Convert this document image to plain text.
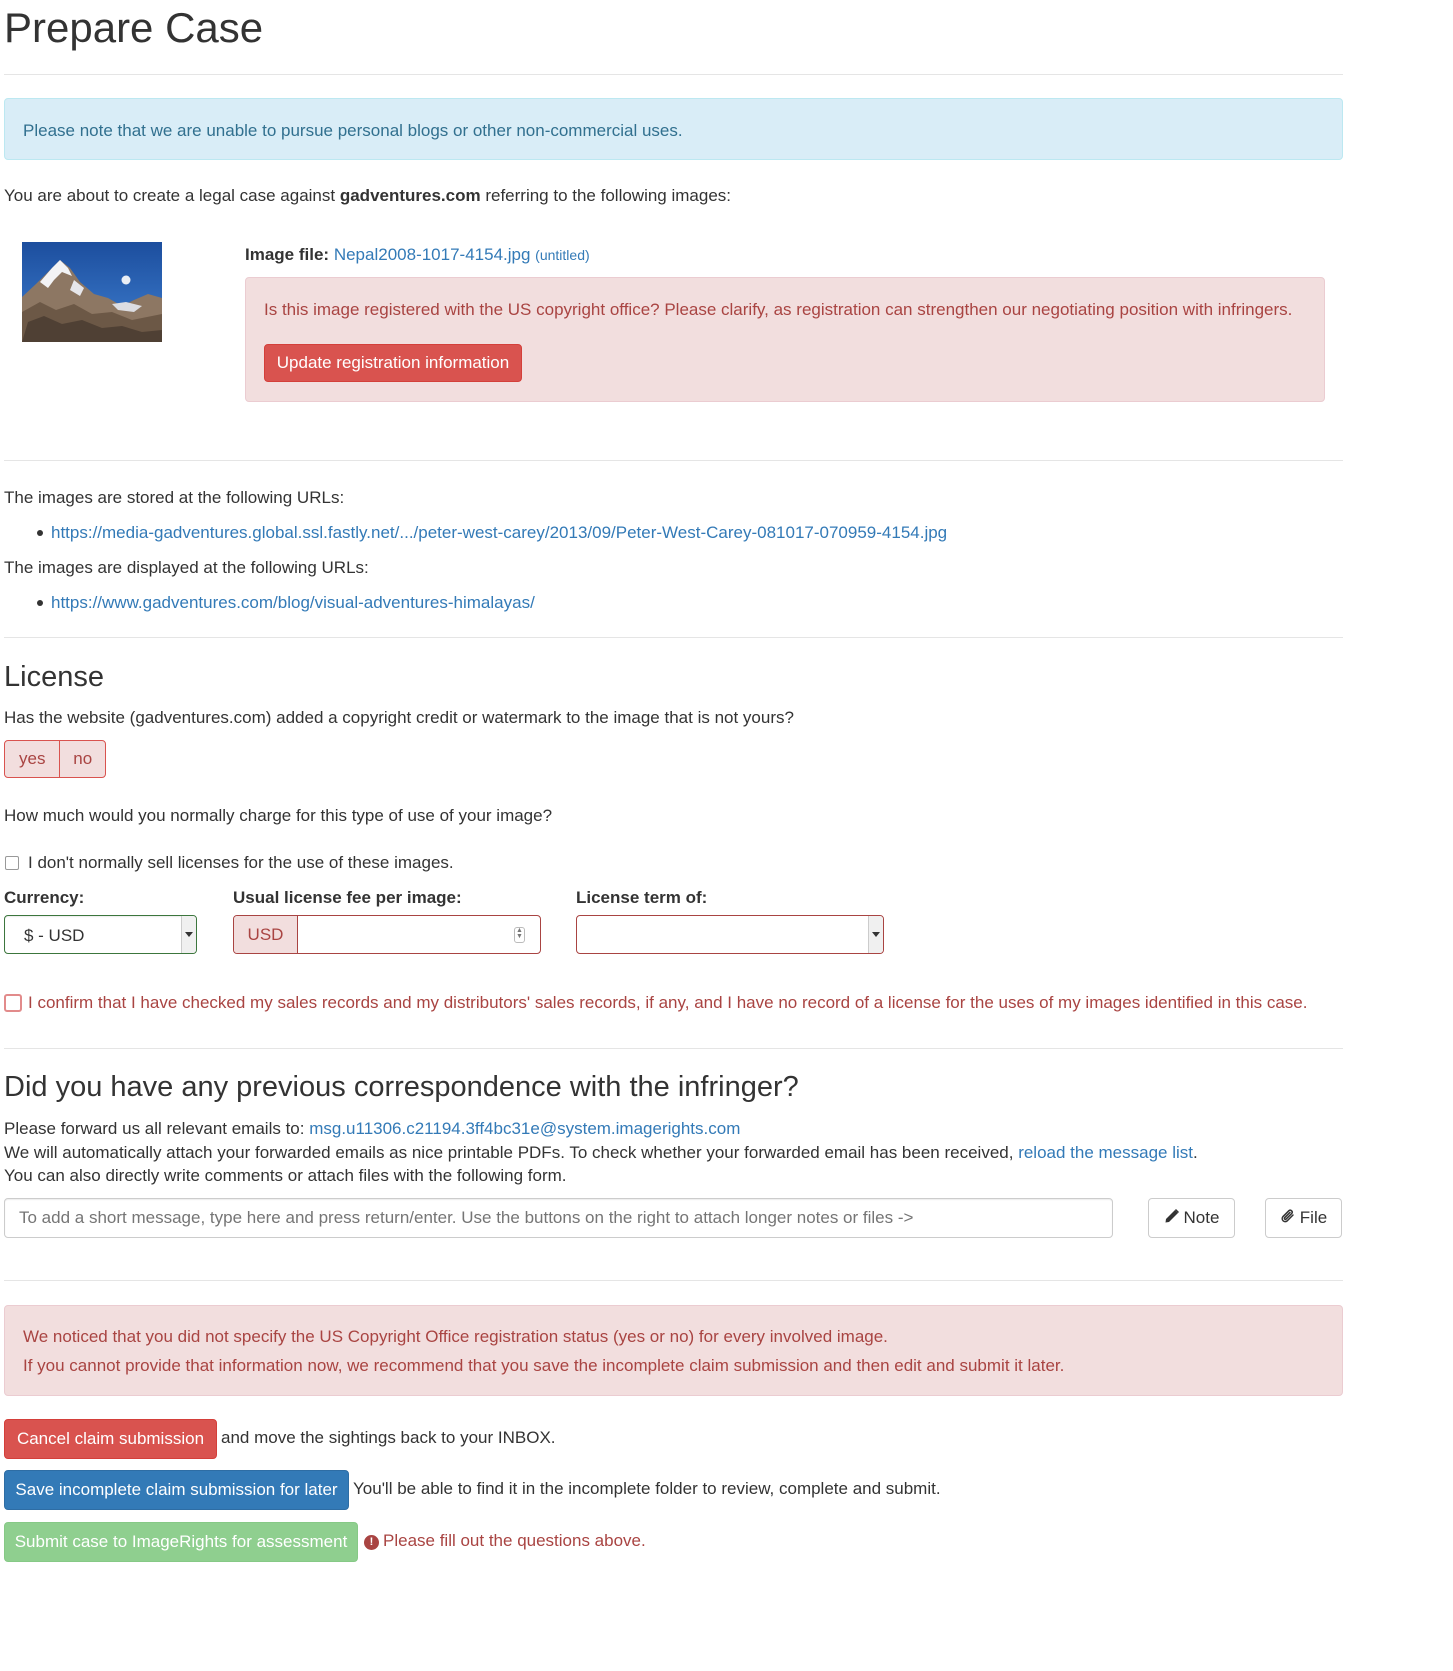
Prepare Case
Please note that we are unable to pursue personal blogs or other non-commercial uses.
You are about to create a legal case against gadventures.com referring to the following images:
Image file: Nepal2008-1017-4154.jpg (untitled)
Is this image registered with the US copyright office? Please clarify, as registration can strengthen our negotiating position with infringers.
Update registration information
The images are stored at the following URLs:
https://media-gadventures.global.ssl.fastly.net/.../peter-west-carey/2013/09/Peter-West-Carey-081017-070959-4154.jpg
The images are displayed at the following URLs:
https://www.gadventures.com/blog/visual-adventures-himalayas/
License
Has the website (gadventures.com) added a copyright credit or watermark to the image that is not yours?
yes	no
How much would you normally charge for this type of use of your image?
I don't normally sell licenses for the use of these images.
Currency:
$ - USD
Usual license fee per image:
USD	▲
▼
License term of:
I confirm that I have checked my sales records and my distributors' sales records, if any, and I have no record of a license for the uses of my images identified in this case.
Did you have any previous correspondence with the infringer?
Please forward us all relevant emails to: msg.u11306.c21194.3ff4bc31e@system.imagerights.com
We will automatically attach your forwarded emails as nice printable PDFs. To check whether your forwarded email has been received, reload the message list.
You can also directly write comments or attach files with the following form.
To add a short message, type here and press return/enter. Use the buttons on the right to attach longer notes or files ->
Note	File
We noticed that you did not specify the US Copyright Office registration status (yes or no) for every involved image.
If you cannot provide that information now, we recommend that you save the incomplete claim submission and then edit and submit it later.
Cancel claim submission and move the sightings back to your INBOX.
Save incomplete claim submission for later You'll be able to find it in the incomplete folder to review, complete and submit.
Submit case to ImageRights for assessment	! Please fill out the questions above.
